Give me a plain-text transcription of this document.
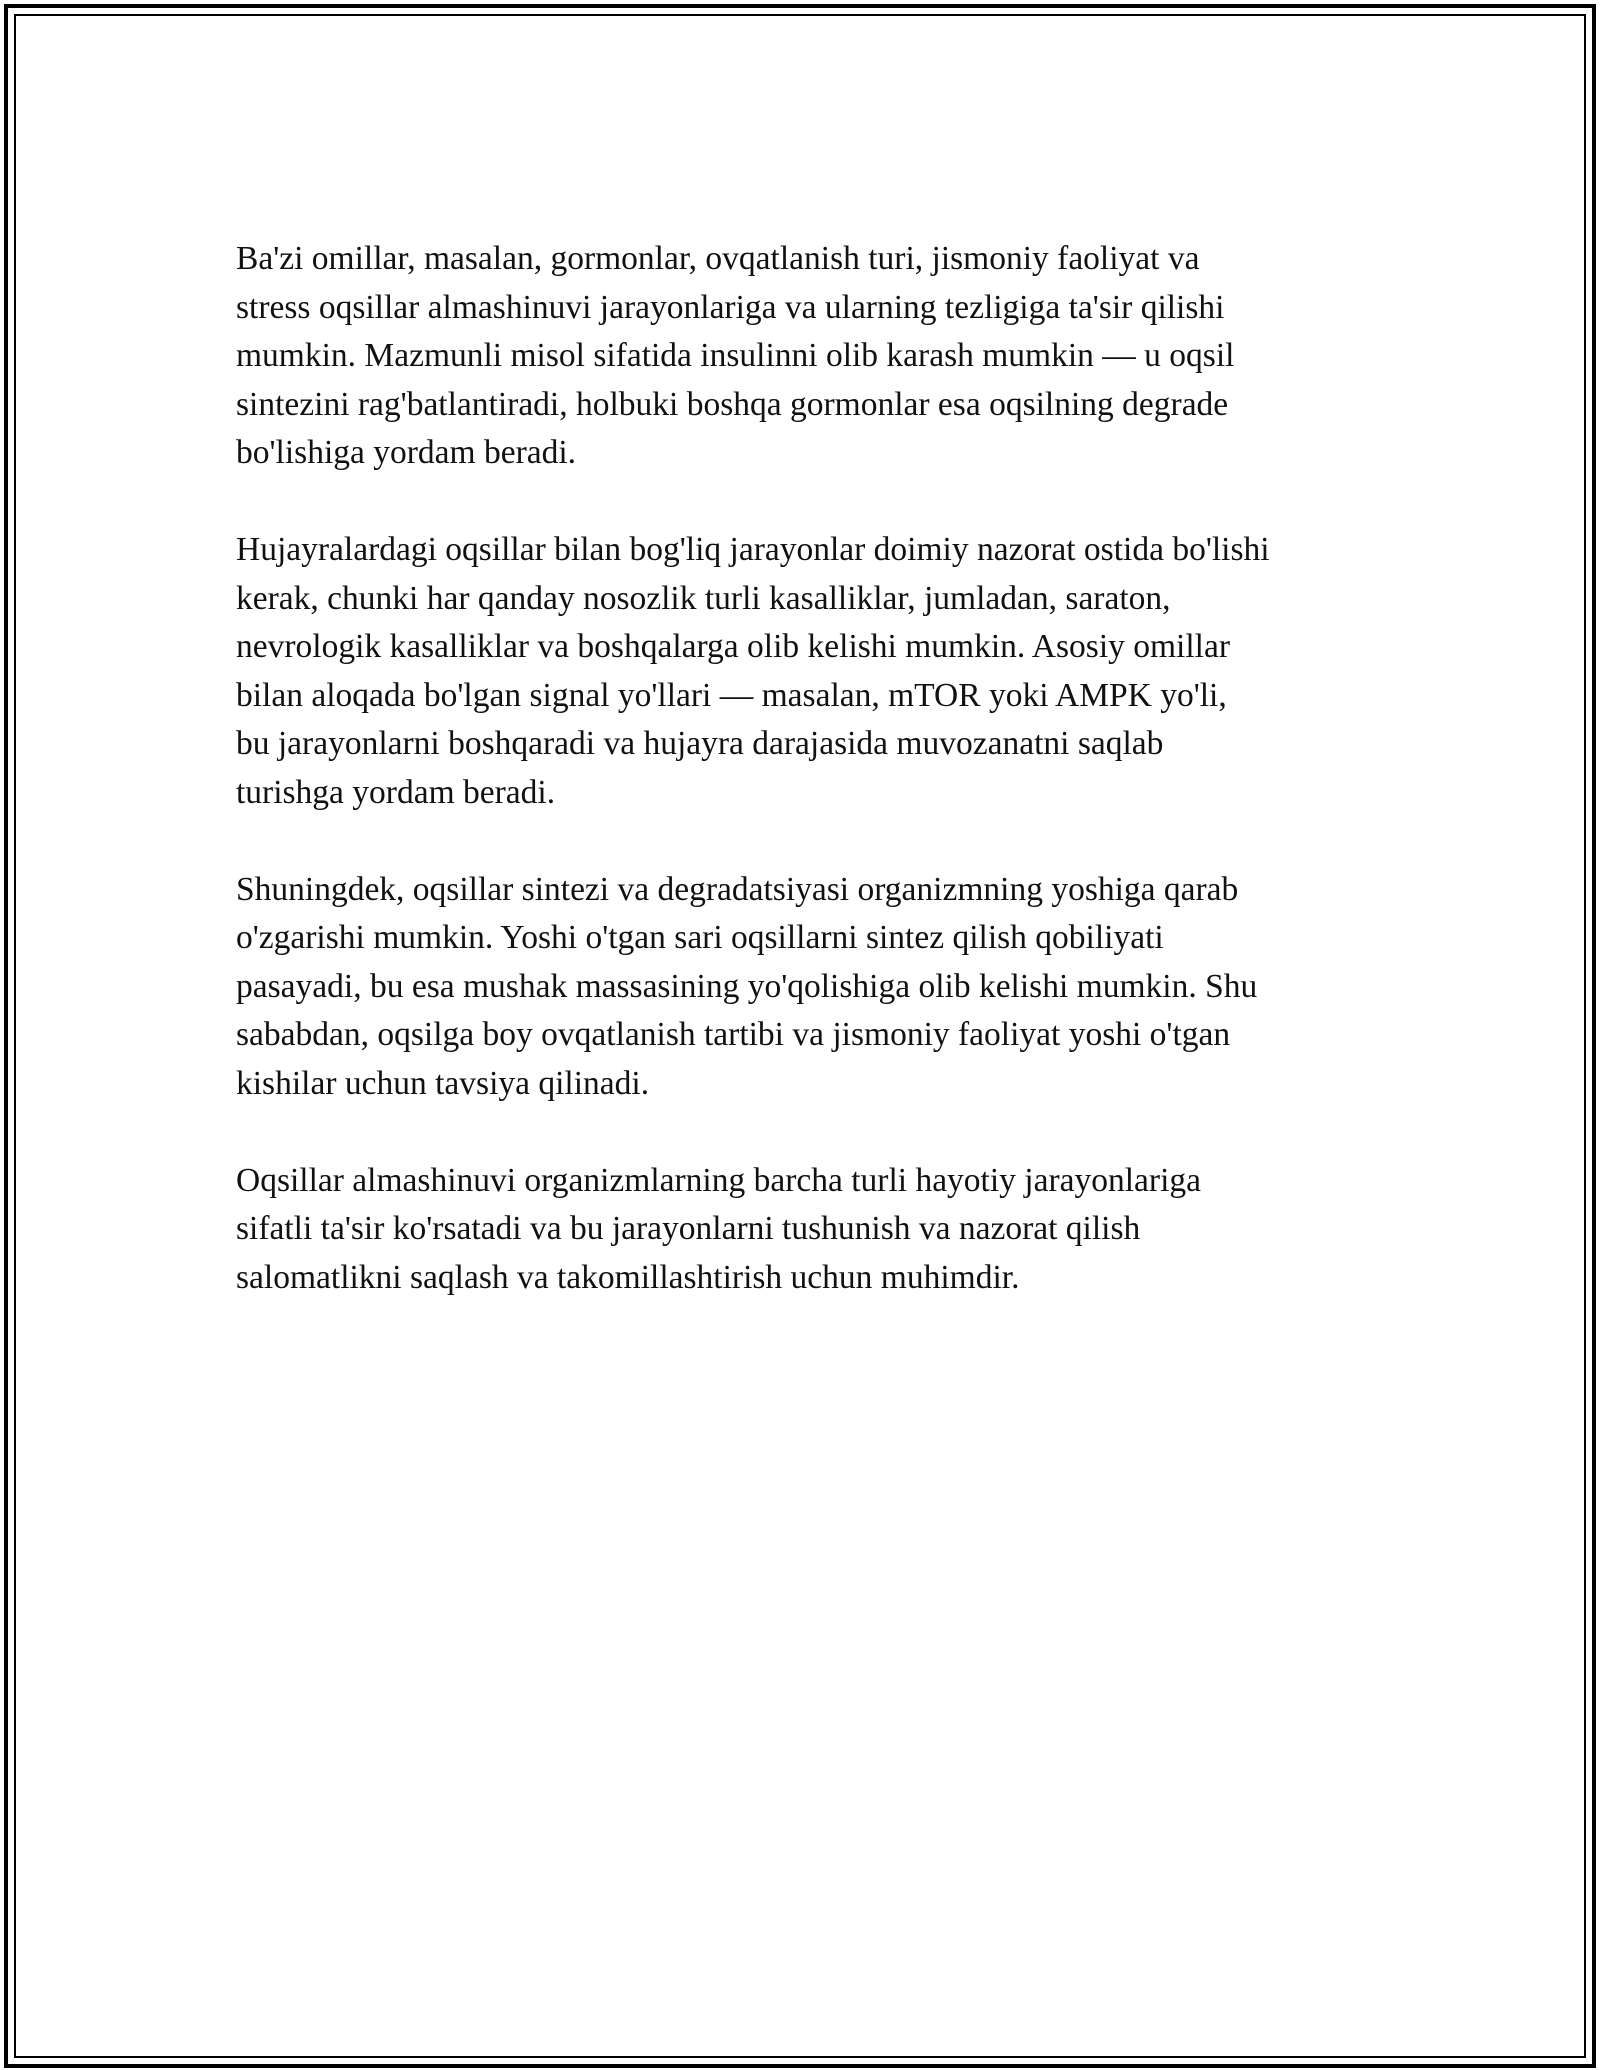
Ba'zi omillar, masalan, gormonlar, ovqatlanish turi, jismoniy faoliyat va
stress oqsillar almashinuvi jarayonlariga va ularning tezligiga ta'sir qilishi
mumkin. Mazmunli misol sifatida insulinni olib karash mumkin — u oqsil
sintezini rag'batlantiradi, holbuki boshqa gormonlar esa oqsilning degrade
bo'lishiga yordam beradi.

Hujayralardagi oqsillar bilan bog'liq jarayonlar doimiy nazorat ostida bo'lishi
kerak, chunki har qanday nosozlik turli kasalliklar, jumladan, saraton,
nevrologik kasalliklar va boshqalarga olib kelishi mumkin. Asosiy omillar
bilan aloqada bo'lgan signal yo'llari — masalan, mTOR yoki AMPK yo'li,
bu jarayonlarni boshqaradi va hujayra darajasida muvozanatni saqlab
turishga yordam beradi.

Shuningdek, oqsillar sintezi va degradatsiyasi organizmning yoshiga qarab
o'zgarishi mumkin. Yoshi o'tgan sari oqsillarni sintez qilish qobiliyati
pasayadi, bu esa mushak massasining yo'qolishiga olib kelishi mumkin. Shu
sababdan, oqsilga boy ovqatlanish tartibi va jismoniy faoliyat yoshi o'tgan
kishilar uchun tavsiya qilinadi.

Oqsillar almashinuvi organizmlarning barcha turli hayotiy jarayonlariga
sifatli ta'sir ko'rsatadi va bu jarayonlarni tushunish va nazorat qilish
salomatlikni saqlash va takomillashtirish uchun muhimdir.
